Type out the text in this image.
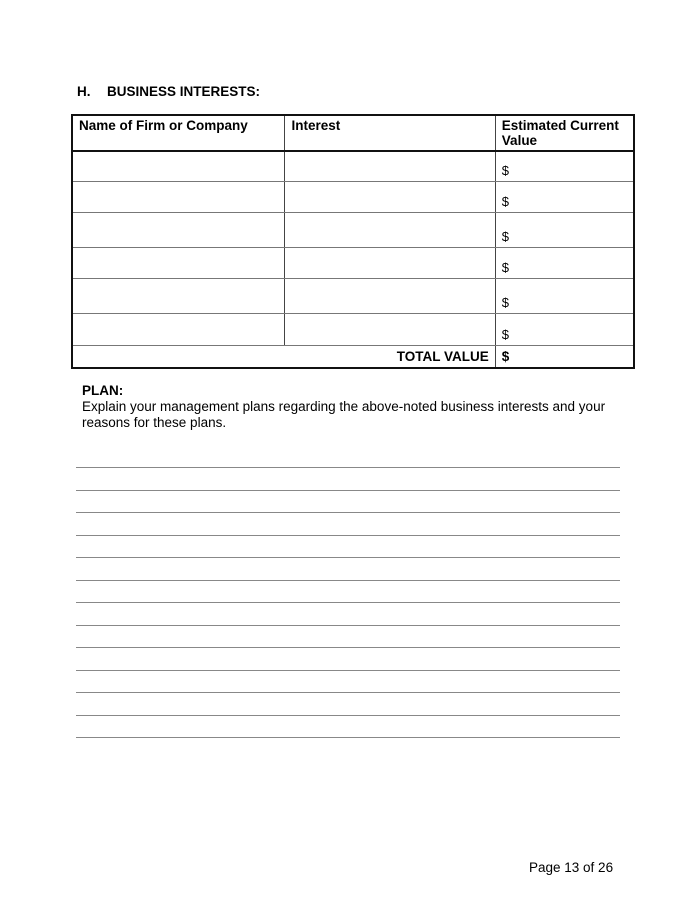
H. BUSINESS INTERESTS:
Name of Firm or Company	Interest	Estimated Current Value

		$

		$

		$

		$

		$

		$

TOTAL VALUE		$
PLAN:
Explain your management plans regarding the above-noted business interests and your reasons for these plans.
Page 13 of 26
